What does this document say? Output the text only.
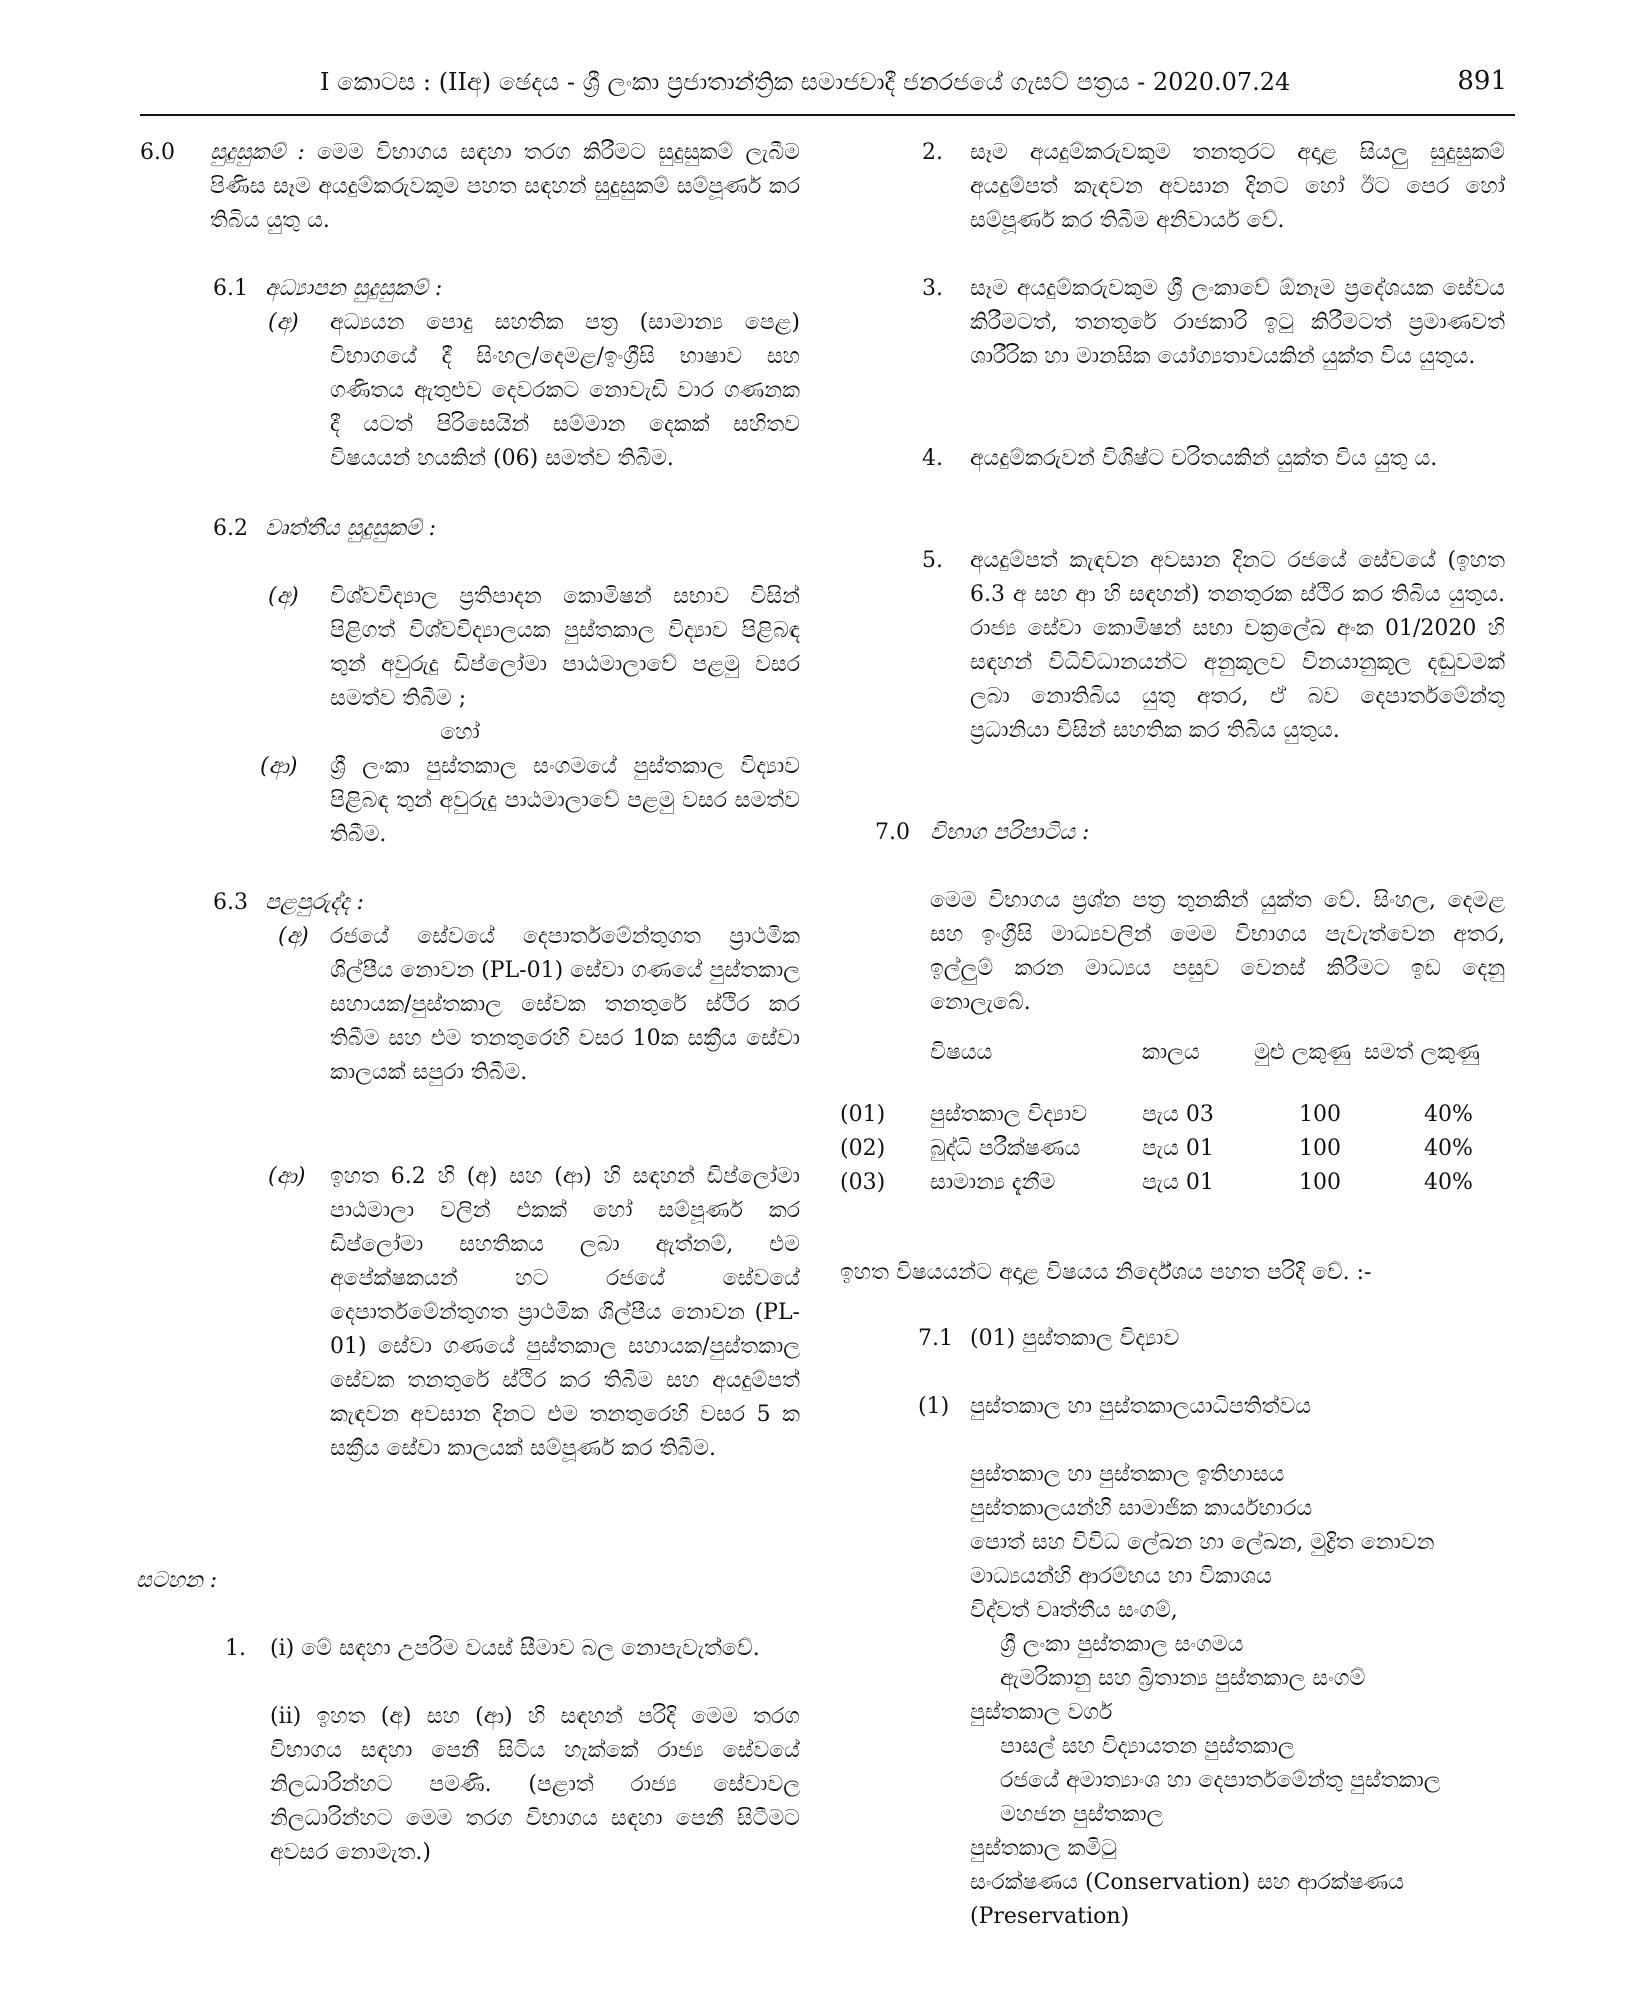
I කොටස : (IIඅ) ඡෙදය - ශ්‍රී ලංකා ප්‍රජාතාන්ත්‍රික සමාජවාදී ජනරජයේ ගැසට් පත්‍රය - 2020.07.24	891
6.0 සුදුසුකම් : මෙම විභාගය සඳහා තරග කිරීමට සුදුසුකම් ලැබීම පිණිස සෑම අයදුම්කරුවකුම පහත සඳහන් සුදුසුකම් සම්පූර්ණ කර තිබිය යුතු ය.
6.1 අධ්‍යාපන සුදුසුකම් :
(අ) අධ්‍යයන පොදු සහතික පත්‍ර (සාමාන්‍ය පෙළ) විභාගයේ දී සිංහල/දෙමළ/ඉංග්‍රීසි භාෂාව සහ ගණිතය ඇතුළුව දෙවරකට නොවැඩි වාර ගණනක දී යටත් පිරිසෙයින් සම්මාන දෙකක් සහිතව විෂයයන් හයකින් (06) සමත්ව තිබීම.
6.2 වෘත්තීය සුදුසුකම් :
(අ) විශ්වවිද්‍යාල ප්‍රතිපාදන කොමිෂන් සභාව විසින් පිළිගත් විශ්වවිද්‍යාලයක පුස්තකාල විද්‍යාව පිළිබඳ තුන් අවුරුදු ඩිප්ලෝමා පාඨමාලාවේ පළමු වසර සමත්ව තිබීම ;
හෝ
(ආ) ශ්‍රී ලංකා පුස්තකාල සංගමයේ පුස්තකාල විද්‍යාව පිළිබඳ තුන් අවුරුදු පාඨමාලාවේ පළමු වසර සමත්ව තිබීම.
6.3 පළපුරුද්ද :
(අ) රජයේ සේවයේ දෙපාර්තමේන්තුගත ප්‍රාථමික ශිල්පීය නොවන (PL-01) සේවා ගණයේ පුස්තකාල සහායක/පුස්තකාල සේවක තනතුරේ ස්ථිර කර තිබීම සහ එම තනතුරෙහි වසර 10ක සක්‍රීය සේවා කාලයක් සපුරා තිබීම.
(ආ) ඉහත 6.2 හි (අ) සහ (ආ) හි සඳහන් ඩිප්ලෝමා පාඨමාලා වලින් එකක් හෝ සම්පූර්ණ කර ඩිප්ලෝමා සහතිකය ලබා ඇත්නම්, එම අපේක්ෂකයන් හට රජයේ සේවයේ දෙපාර්තමේන්තුගත ප්‍රාථමික ශිල්පීය නොවන (PL-01) සේවා ගණයේ පුස්තකාල සහායක/පුස්තකාල සේවක තනතුරේ ස්ථිර කර තිබීම සහ අයදුම්පත් කැඳවන අවසාන දිනට එම තනතුරෙහි වසර 5 ක සක්‍රීය සේවා කාලයක් සම්පූර්ණ කර තිබීම.
සටහන :
1. (i) මේ සඳහා උපරිම වයස් සීමාව බල නොපැවැත්වේ.
(ii) ඉහත (අ) සහ (ආ) හි සඳහන් පරිදි මෙම තරග විභාගය සඳහා පෙනී සිටිය හැක්කේ රාජ්‍ය සේවයේ නිලධාරින්හට පමණි. (පළාත් රාජ්‍ය සේවාවල නිලධාරින්හට මෙම තරග විභාගය සඳහා පෙනී සිටීමට අවසර නොමැත.)
2. සෑම අයදුම්කරුවකුම තනතුරට අදාළ සියලු සුදුසුකම් අයදුම්පත් කැඳවන අවසාන දිනට හෝ ඊට පෙර හෝ සම්පූර්ණ කර තිබීම අනිවාර්ය වේ.
3. සෑම අයදුම්කරුවකුම ශ්‍රී ලංකාවේ ඕනෑම ප්‍රදේශයක සේවය කිරීමටත්, තනතුරේ රාජකාරි ඉටු කිරීමටත් ප්‍රමාණවත් ශාරීරික හා මානසික යෝග්‍යතාවයකින් යුක්ත විය යුතුය.
4. අයදුම්කරුවන් විශිෂ්ට චරිතයකින් යුක්ත විය යුතු ය.
5. අයදුම්පත් කැඳවන අවසාන දිනට රජයේ සේවයේ (ඉහත 6.3 අ සහ ආ හි සඳහන්) තනතුරක ස්ථිර කර තිබිය යුතුය. රාජ්‍ය සේවා කොමිෂන් සභා චක්‍රලේඛ අංක 01/2020 හි සඳහන් විධිවිධානයන්ට අනුකූලව විනයානුකූල දඬුවමක් ලබා නොතිබිය යුතු අතර, ඒ බව දෙපාර්තමේන්තු ප්‍රධානියා විසින් සහතික කර තිබිය යුතුය.
7.0 විභාග පරිපාටිය :
මෙම විභාගය ප්‍රශ්න පත්‍ර තුනකින් යුක්ත වේ. සිංහල, දෙමළ සහ ඉංග්‍රීසි මාධ්‍යවලින් මෙම විභාගය පැවැත්වෙන අතර, ඉල්ලුම් කරන මාධ්‍යය පසුව වෙනස් කිරීමට ඉඩ දෙනු නොලැබේ.
	විෂයය	කාලය	මුළු ලකුණු	සමත් ලකුණු

(01)	පුස්තකාල විද්‍යාව	පැය 03	100	40%
(02)	බුද්ධි පරීක්ෂණය	පැය 01	100	40%
(03)	සාමාන්‍ය දැනීම	පැය 01	100	40%
ඉහත විෂයයන්ට අදාළ විෂයය නිර්දේශය පහත පරිදි වේ. :-
7.1 (01) පුස්තකාල විද්‍යාව
(1) පුස්තකාල හා පුස්තකාලයාධිපතිත්වය
පුස්තකාල හා පුස්තකාල ඉතිහාසය
පුස්තකාලයන්හි සාමාජික කාර්යභාරය
පොත් සහ විවිධ ලේඛන හා ලේඛන, මුද්‍රිත නොවන
මාධ්‍යයන්හි ආරම්භය හා විකාශය
විද්වත් වෘත්තීය සංගම්,
ශ්‍රී ලංකා පුස්තකාල සංගමය
ඇමරිකානු සහ බ්‍රිතාන්‍ය පුස්තකාල සංගම්
පුස්තකාල වර්ග
පාසල් සහ විද්‍යායතන පුස්තකාල
රජයේ අමාත්‍යාංශ හා දෙපාර්තමේන්තු පුස්තකාල
මහජන පුස්තකාල
පුස්තකාල කමිටු
සංරක්ෂණය (Conservation) සහ ආරක්ෂණය
(Preservation)
